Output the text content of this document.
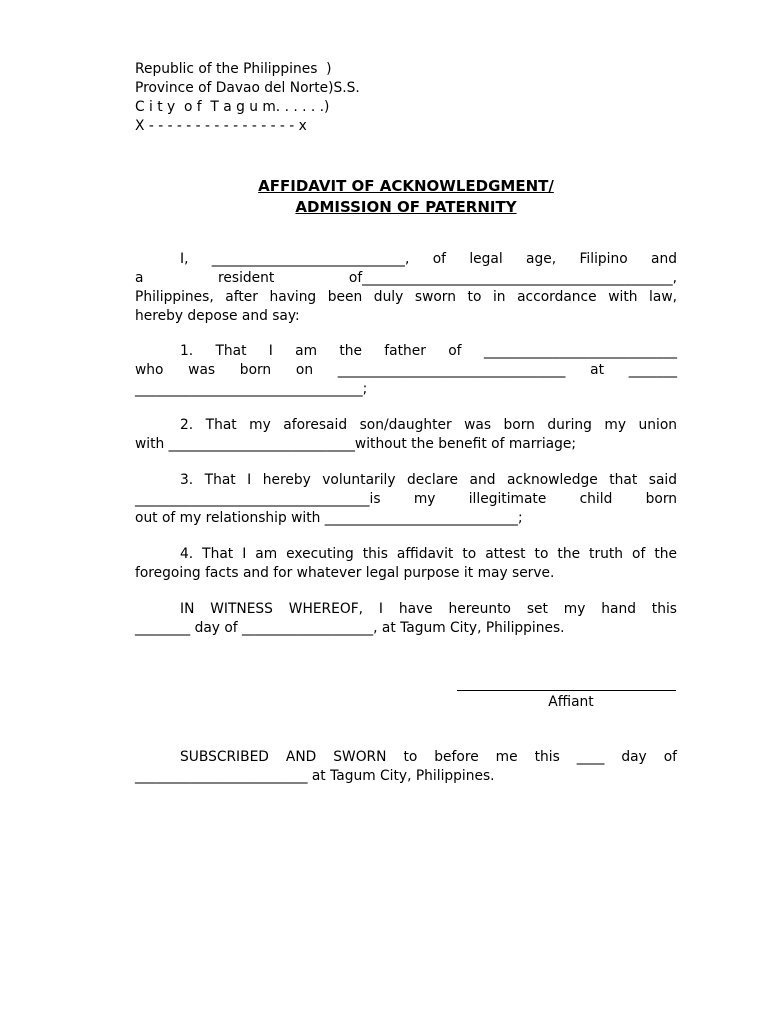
Republic of the Philippines  )
Province of Davao del Norte)S.S.
C i t y  o f  T a g u m. . . . . .)
X - - - - - - - - - - - - - - - - x
AFFIDAVIT OF ACKNOWLEDGMENT/
ADMISSION OF PATERNITY
I, ____________________________, of legal age, Filipino and
a resident of_____________________________________________,
Philippines, after having been duly sworn to in accordance with law,
hereby depose and say:
1. That I am the father of ____________________________
who was born on _________________________________ at _______
_________________________________;
2. That my aforesaid son/daughter was born during my union
with ___________________________without the benefit of marriage;
3. That I hereby voluntarily declare and acknowledge that said
__________________________________is my illegitimate child born
out of my relationship with ____________________________;
4. That I am executing this affidavit to attest to the truth of the
foregoing facts and for whatever legal purpose it may serve.
IN WITNESS WHEREOF, I have hereunto set my hand this
________ day of ___________________, at Tagum City, Philippines.
Affiant
SUBSCRIBED AND SWORN to before me this ____ day of
_________________________ at Tagum City, Philippines.
